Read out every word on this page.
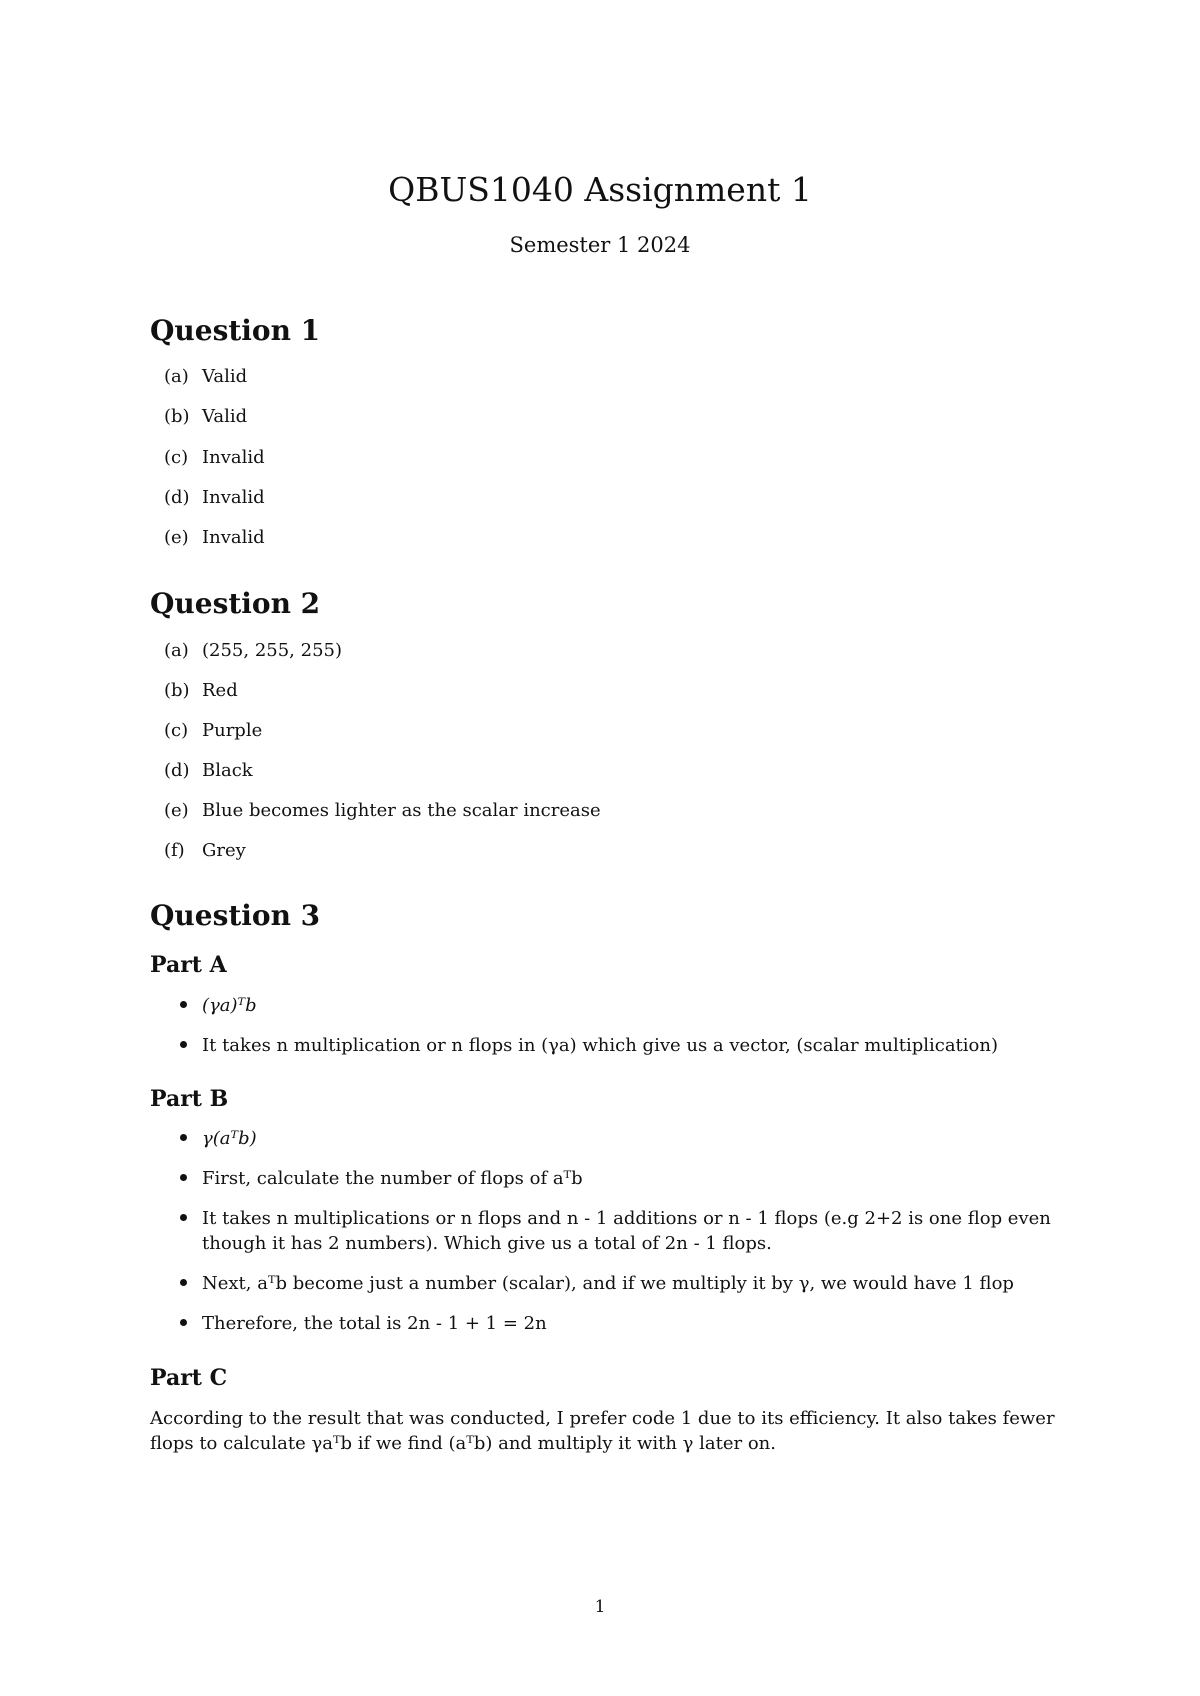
QBUS1040 Assignment 1
Semester 1 2024
Question 1
(a) Valid
(b) Valid
(c) Invalid
(d) Invalid
(e) Invalid
Question 2
(a) (255, 255, 255)
(b) Red
(c) Purple
(d) Black
(e) Blue becomes lighter as the scalar increase
(f) Grey
Question 3
Part A
(γa)ᵀb
It takes n multiplication or n flops in (γa) which give us a vector, (scalar multiplication)
Part B
γ(aᵀb)
First, calculate the number of flops of aᵀb
It takes n multiplications or n flops and n - 1 additions or n - 1 flops (e.g 2+2 is one flop even though it has 2 numbers). Which give us a total of 2n - 1 flops.
Next, aᵀb become just a number (scalar), and if we multiply it by γ, we would have 1 flop
Therefore, the total is 2n - 1 + 1 = 2n
Part C
According to the result that was conducted, I prefer code 1 due to its efficiency. It also takes fewer flops to calculate γaᵀb if we find (aᵀb) and multiply it with γ later on.
1
